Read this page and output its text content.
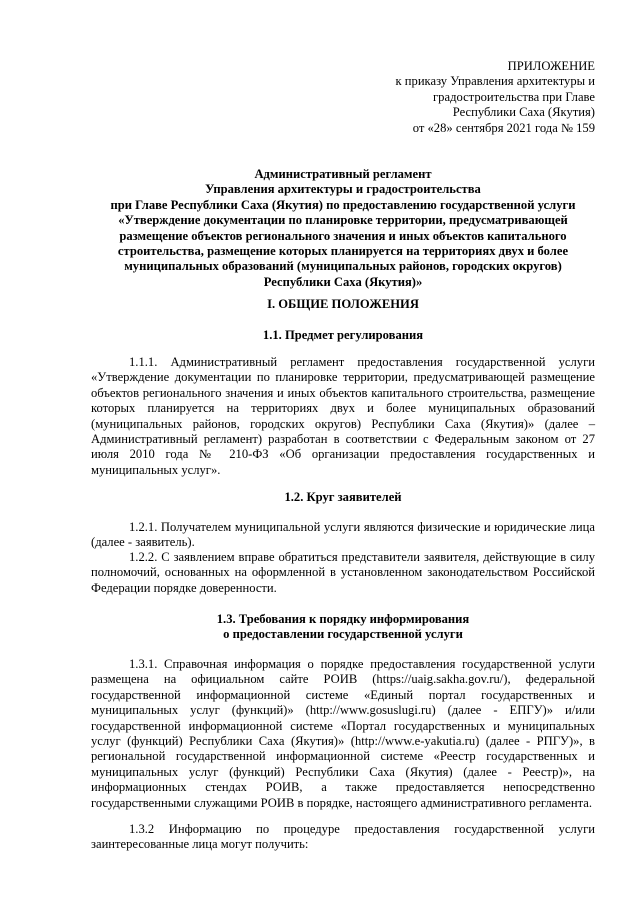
ПРИЛОЖЕНИЕ
к приказу Управления архитектуры и
градостроительства при Главе
Республики Саха (Якутия)
от «28» сентября 2021 года № 159
Административный регламент
Управления архитектуры и градостроительства
при Главе Республики Саха (Якутия) по предоставлению государственной услуги
«Утверждение документации по планировке территории, предусматривающей
размещение объектов регионального значения и иных объектов капитального
строительства, размещение которых планируется на территориях двух и более
муниципальных образований (муниципальных районов, городских округов)
Республики Саха (Якутия)»
I. ОБЩИЕ ПОЛОЖЕНИЯ
1.1. Предмет регулирования
1.1.1. Административный регламент предоставления государственной услуги «Утверждение документации по планировке территории, предусматривающей размещение объектов регионального значения и иных объектов капитального строительства, размещение которых планируется на территориях двух и более муниципальных образований (муниципальных районов, городских округов) Республики Саха (Якутия)» (далее – Административный регламент) разработан в соответствии с Федеральным законом от 27 июля 2010 года № 210-ФЗ «Об организации предоставления государственных и муниципальных услуг».
1.2. Круг заявителей
1.2.1. Получателем муниципальной услуги являются физические и юридические лица (далее - заявитель).
1.2.2. С заявлением вправе обратиться представители заявителя, действующие в силу полномочий, основанных на оформленной в установленном законодательством Российской Федерации порядке доверенности.
1.3. Требования к порядку информирования
о предоставлении государственной услуги
1.3.1. Справочная информация о порядке предоставления государственной услуги размещена на официальном сайте РОИВ (https://uaig.sakha.gov.ru/), федеральной государственной информационной системе «Единый портал государственных и муниципальных услуг (функций)» (http://www.gosuslugi.ru) (далее - ЕПГУ)» и/или государственной информационной системе «Портал государственных и муниципальных услуг (функций) Республики Саха (Якутия)» (http://www.e-yakutia.ru) (далее - РПГУ)», в региональной государственной информационной системе «Реестр государственных и муниципальных услуг (функций) Республики Саха (Якутия) (далее - Реестр)», на информационных стендах РОИВ, а также предоставляется непосредственно государственными служащими РОИВ в порядке, настоящего административного регламента.
1.3.2 Информацию по процедуре предоставления государственной услуги заинтересованные лица могут получить:
